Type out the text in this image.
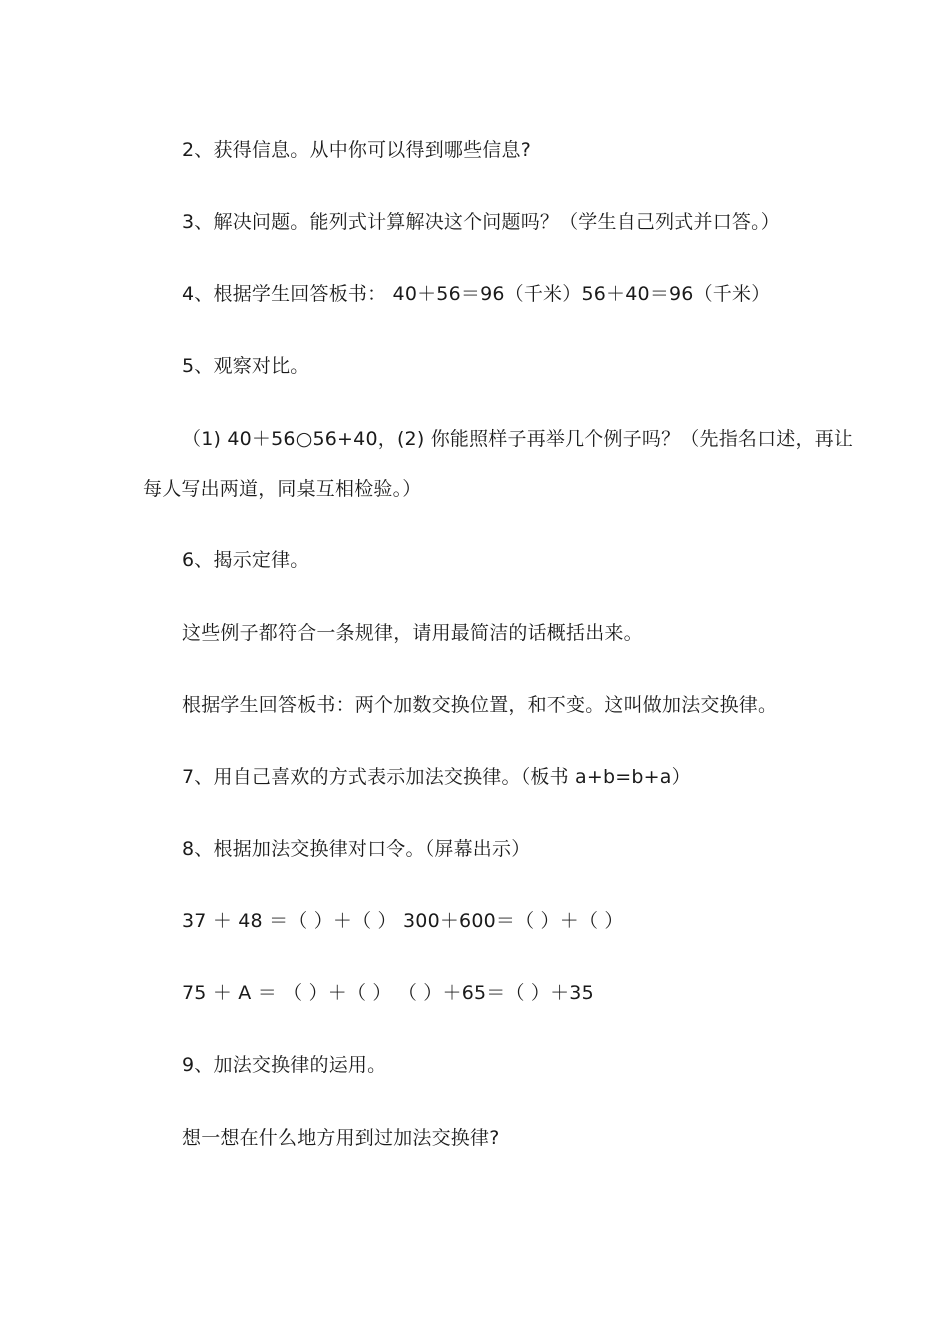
2、获得信息。从中你可以得到哪些信息?
3、解决问题。能列式计算解决这个问题吗？（学生自己列式并口答。）
4、根据学生回答板书： 40＋56＝96（千米）56＋40＝96（千米）
5、观察对比。
（1) 40＋56○56+40，(2) 你能照样子再举几个例子吗？（先指名口述，再让
每人写出两道，同桌互相检验。）
6、揭示定律。
这些例子都符合一条规律，请用最简洁的话概括出来。
根据学生回答板书：两个加数交换位置，和不变。这叫做加法交换律。
7、用自己喜欢的方式表示加法交换律。（板书 a+b=b+a）
8、根据加法交换律对口令。（屏幕出示）
37 ＋ 48 ＝（ ）＋（ ） 300＋600＝（ ）＋（ ）
75 ＋ A ＝ （ ）＋（ ） （ ）＋65＝（ ）＋35
9、加法交换律的运用。
想一想在什么地方用到过加法交换律?
